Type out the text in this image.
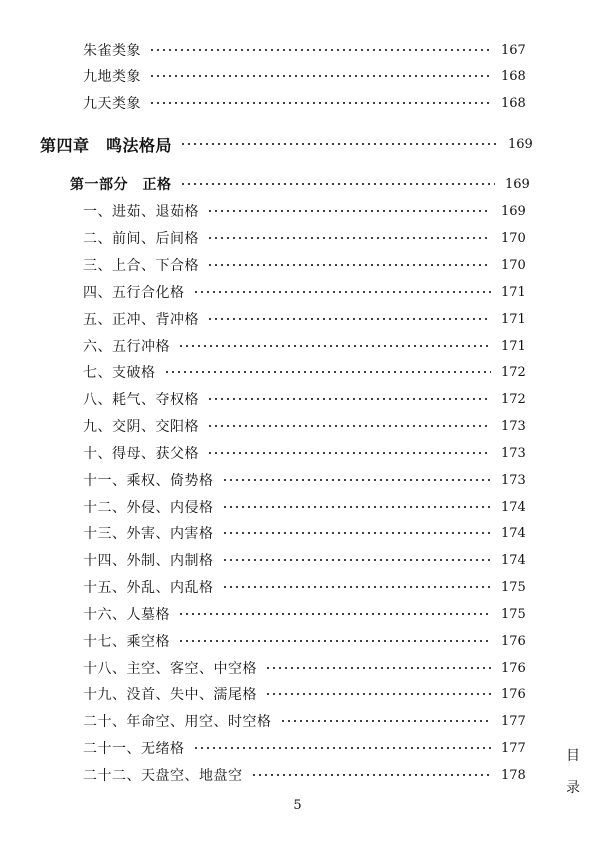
朱雀类象	167
九地类象	168
九天类象	168
第四章　鸣法格局	169
第一部分　正格	169
一、进茹、退茹格	169
二、前间、后间格	170
三、上合、下合格	170
四、五行合化格	171
五、正冲、背冲格	171
六、五行冲格	171
七、支破格	172
八、耗气、夺权格	172
九、交阴、交阳格	173
十、得母、获父格	173
十一、乘权、倚势格	173
十二、外侵、内侵格	174
十三、外害、内害格	174
十四、外制、内制格	174
十五、外乱、内乱格	175
十六、人墓格	175
十七、乘空格	176
十八、主空、客空、中空格	176
十九、没首、失中、濡尾格	176
二十、年命空、用空、时空格	177
二十一、无绪格	177
二十二、天盘空、地盘空	178
目
录
5
